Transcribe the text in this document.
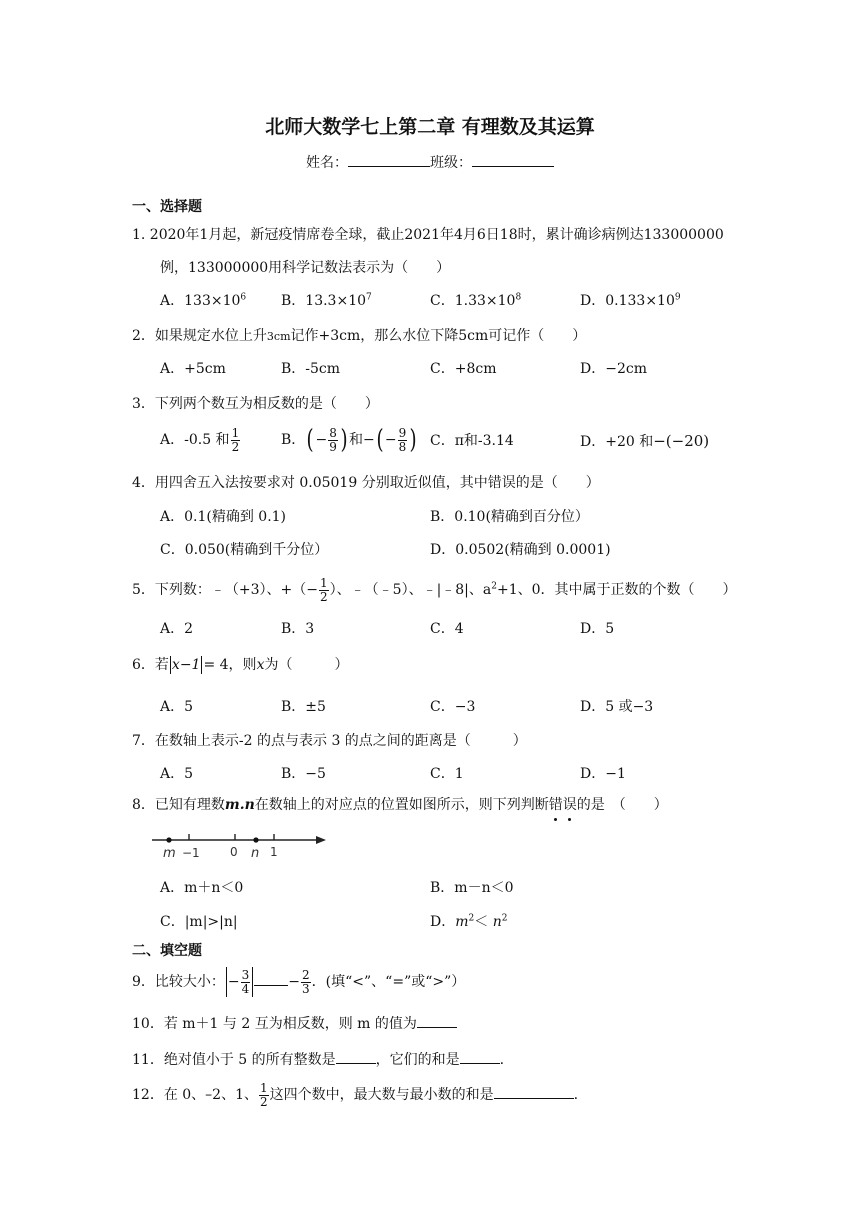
北师大数学七上第二章 有理数及其运算
姓名：	班级：
一、选择题
1. 2020年1月起，新冠疫情席卷全球，截止2021年4月6日18时，累计确诊病例达133000000
例，133000000用科学记数法表示为（　　）
A．$133\times 10^6$ B．$13.3\times 10^7$	C．$1.33\times 10^8$	D．$0.133\times 10^9$
2．如果规定水位上升3cm记作+3cm，那么水位下降5cm可记作（　　）
A．+5cm	B．-5cm	C．+8cm	D．−2cm
3．下列两个数互为相反数的是（　　）
A．-0.5 和 $\frac{1}{2}$	B．( − $\frac{8}{9}$ ) 和−( − $\frac{9}{8}$ ) C．π和-3.14	D．+20 和−(−20)
4．用四舍五入法按要求对 0.05019 分别取近似值，其中错误的是（　　）
A．0.1(精确到 0.1)	B．0.10(精确到百分位）
C．0.050(精确到千分位）	D．0.0502(精确到 0.0001)
5．下列数：﹣（+3）、+（− $\frac{1}{2}$ ）、﹣（﹣5）、﹣|﹣8|、$a^2+1$、0．其中属于正数的个数（　　）
A．2	B．3	C．4	D．5
6．若 x−1 = 4，则x为（　　　）
A．5	B．±5	C．−3	D．5 或−3
7．在数轴上表示-2 的点与表示 3 的点之间的距离是（　　　）
A．5	B．−5	C．1	D．−1
8．已知有理数m.n在数轴上的对应点的位置如图所示，则下列判断错误
的是　（　　）
m −1	0 n 1
A．m＋n＜0	B．m－n＜0
C．|m|>|n|	D．$m^2< n^2$
二、填空题
9．比较大小： − $\frac{3}{4}$	− $\frac{2}{3}$ ．(填“<”、“=”或“>”）
10．若 m＋1 与 2 互为相反数，则 m 的值为
11．绝对值小于 5 的所有整数是	，它们的和是	.
12．在 0、–2、1、 $\frac{1}{2}$ 这四个数中，最大数与最小数的和是	.
